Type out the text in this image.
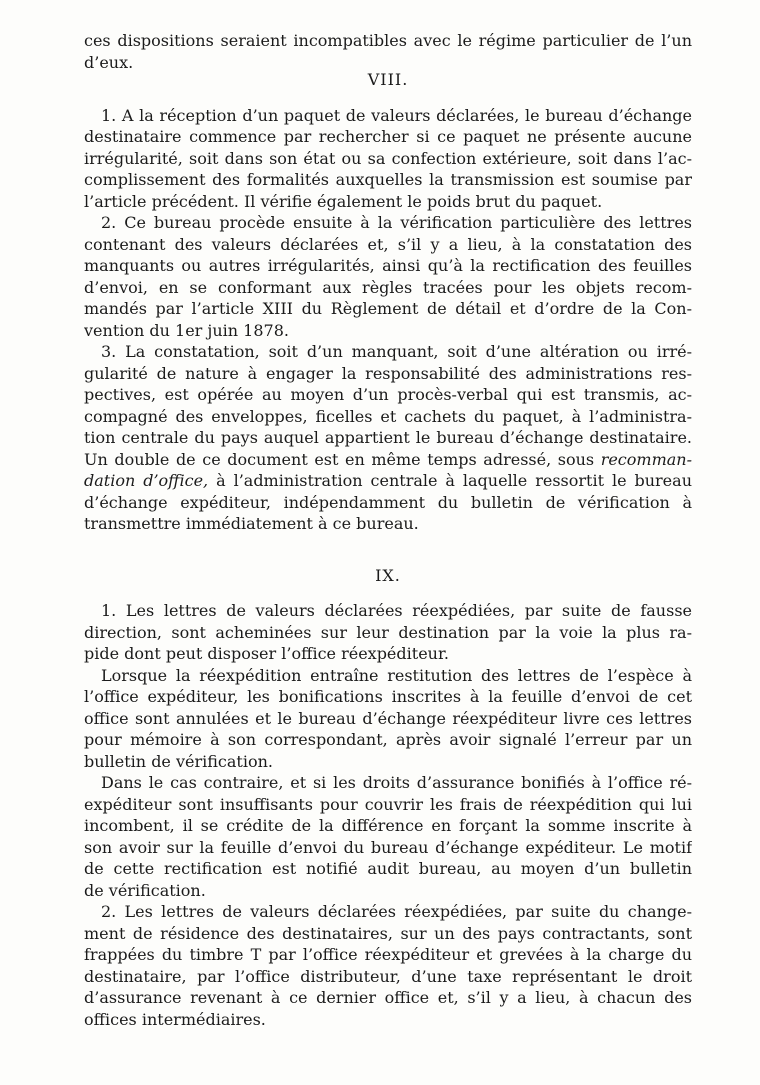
ces dispositions seraient incompatibles avec le régime particulier de l’un
d’eux.
VIII.
1. A la réception d’un paquet de valeurs déclarées, le bureau d’échange
destinataire commence par rechercher si ce paquet ne présente aucune
irrégularité, soit dans son état ou sa confection extérieure, soit dans l’ac-
complissement des formalités auxquelles la transmission est soumise par
l’article précédent. Il vérifie également le poids brut du paquet.
2. Ce bureau procède ensuite à la vérification particulière des lettres
contenant des valeurs déclarées et, s’il y a lieu, à la constatation des
manquants ou autres irrégularités, ainsi qu’à la rectification des feuilles
d’envoi, en se conformant aux règles tracées pour les objets recom-
mandés par l’article XIII du Règlement de détail et d’ordre de la Con-
vention du 1er juin 1878.
3. La constatation, soit d’un manquant, soit d’une altération ou irré-
gularité de nature à engager la responsabilité des administrations res-
pectives, est opérée au moyen d’un procès-verbal qui est transmis, ac-
compagné des enveloppes, ficelles et cachets du paquet, à l’administra-
tion centrale du pays auquel appartient le bureau d’échange destinataire.
Un double de ce document est en même temps adressé, sous recomman-
dation d’office, à l’administration centrale à laquelle ressortit le bureau
d’échange expéditeur, indépendamment du bulletin de vérification à
transmettre immédiatement à ce bureau.
IX.
1. Les lettres de valeurs déclarées réexpédiées, par suite de fausse
direction, sont acheminées sur leur destination par la voie la plus ra-
pide dont peut disposer l’office réexpéditeur.
Lorsque la réexpédition entraîne restitution des lettres de l’espèce à
l’office expéditeur, les bonifications inscrites à la feuille d’envoi de cet
office sont annulées et le bureau d’échange réexpéditeur livre ces lettres
pour mémoire à son correspondant, après avoir signalé l’erreur par un
bulletin de vérification.
Dans le cas contraire, et si les droits d’assurance bonifiés à l’office ré-
expéditeur sont insuffisants pour couvrir les frais de réexpédition qui lui
incombent, il se crédite de la différence en forçant la somme inscrite à
son avoir sur la feuille d’envoi du bureau d’échange expéditeur. Le motif
de cette rectification est notifié audit bureau, au moyen d’un bulletin
de vérification.
2. Les lettres de valeurs déclarées réexpédiées, par suite du change-
ment de résidence des destinataires, sur un des pays contractants, sont
frappées du timbre T par l’office réexpéditeur et grevées à la charge du
destinataire, par l’office distributeur, d’une taxe représentant le droit
d’assurance revenant à ce dernier office et, s’il y a lieu, à chacun des
offices intermédiaires.
